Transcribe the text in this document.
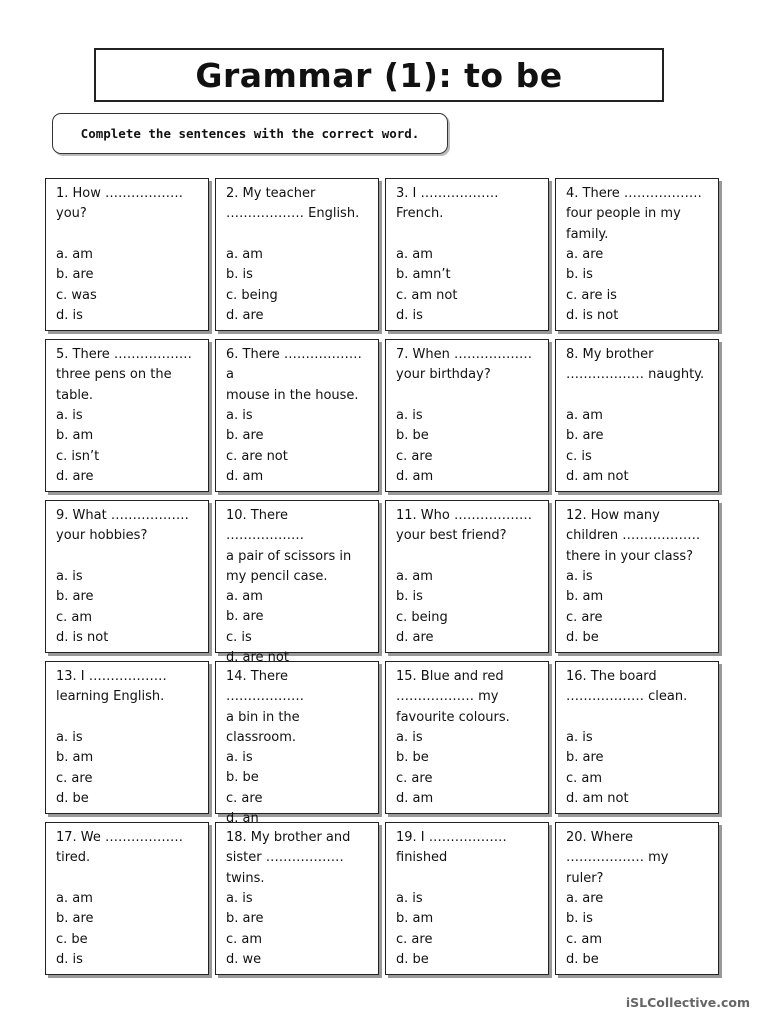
Grammar (1): to be
Complete the sentences with the correct word.
1. How ………………
you?
a. am
b. are
c. was
d. is
2. My teacher
……………… English.
a. am
b. is
c. being
d. are
3. I ………………
French.
a. am
b. amn’t
c. am not
d. is
4. There ………………
four people in my
family.
a. are
b. is
c. are is
d. is not
5. There ………………
three pens on the
table.
a. is
b. am
c. isn’t
d. are
6. There ……………… a
mouse in the house.
a. is
b. are
c. are not
d. am
7. When ………………
your birthday?
a. is
b. be
c. are
d. am
8. My brother
……………… naughty.
a. am
b. are
c. is
d. am not
9. What ………………
your hobbies?
a. is
b. are
c. am
d. is not
10. There ………………
a pair of scissors in
my pencil case.
a. am
b. are
c. is
d. are not
11. Who ………………
your best friend?
a. am
b. is
c. being
d. are
12. How many
children ………………
there in your class?
a. is
b. am
c. are
d. be
13. I ………………
learning English.
a. is
b. am
c. are
d. be
14. There ………………
a bin in the
classroom.
a. is
b. be
c. are
d. an
15. Blue and red
……………… my
favourite colours.
a. is
b. be
c. are
d. am
16. The board
……………… clean.
a. is
b. are
c. am
d. am not
17. We ………………
tired.
a. am
b. are
c. be
d. is
18. My brother and
sister ………………
twins.
a. is
b. are
c. am
d. we
19. I ………………
finished
a. is
b. am
c. are
d. be
20. Where
……………… my ruler?
a. are
b. is
c. am
d. be
iSLCollective.com
